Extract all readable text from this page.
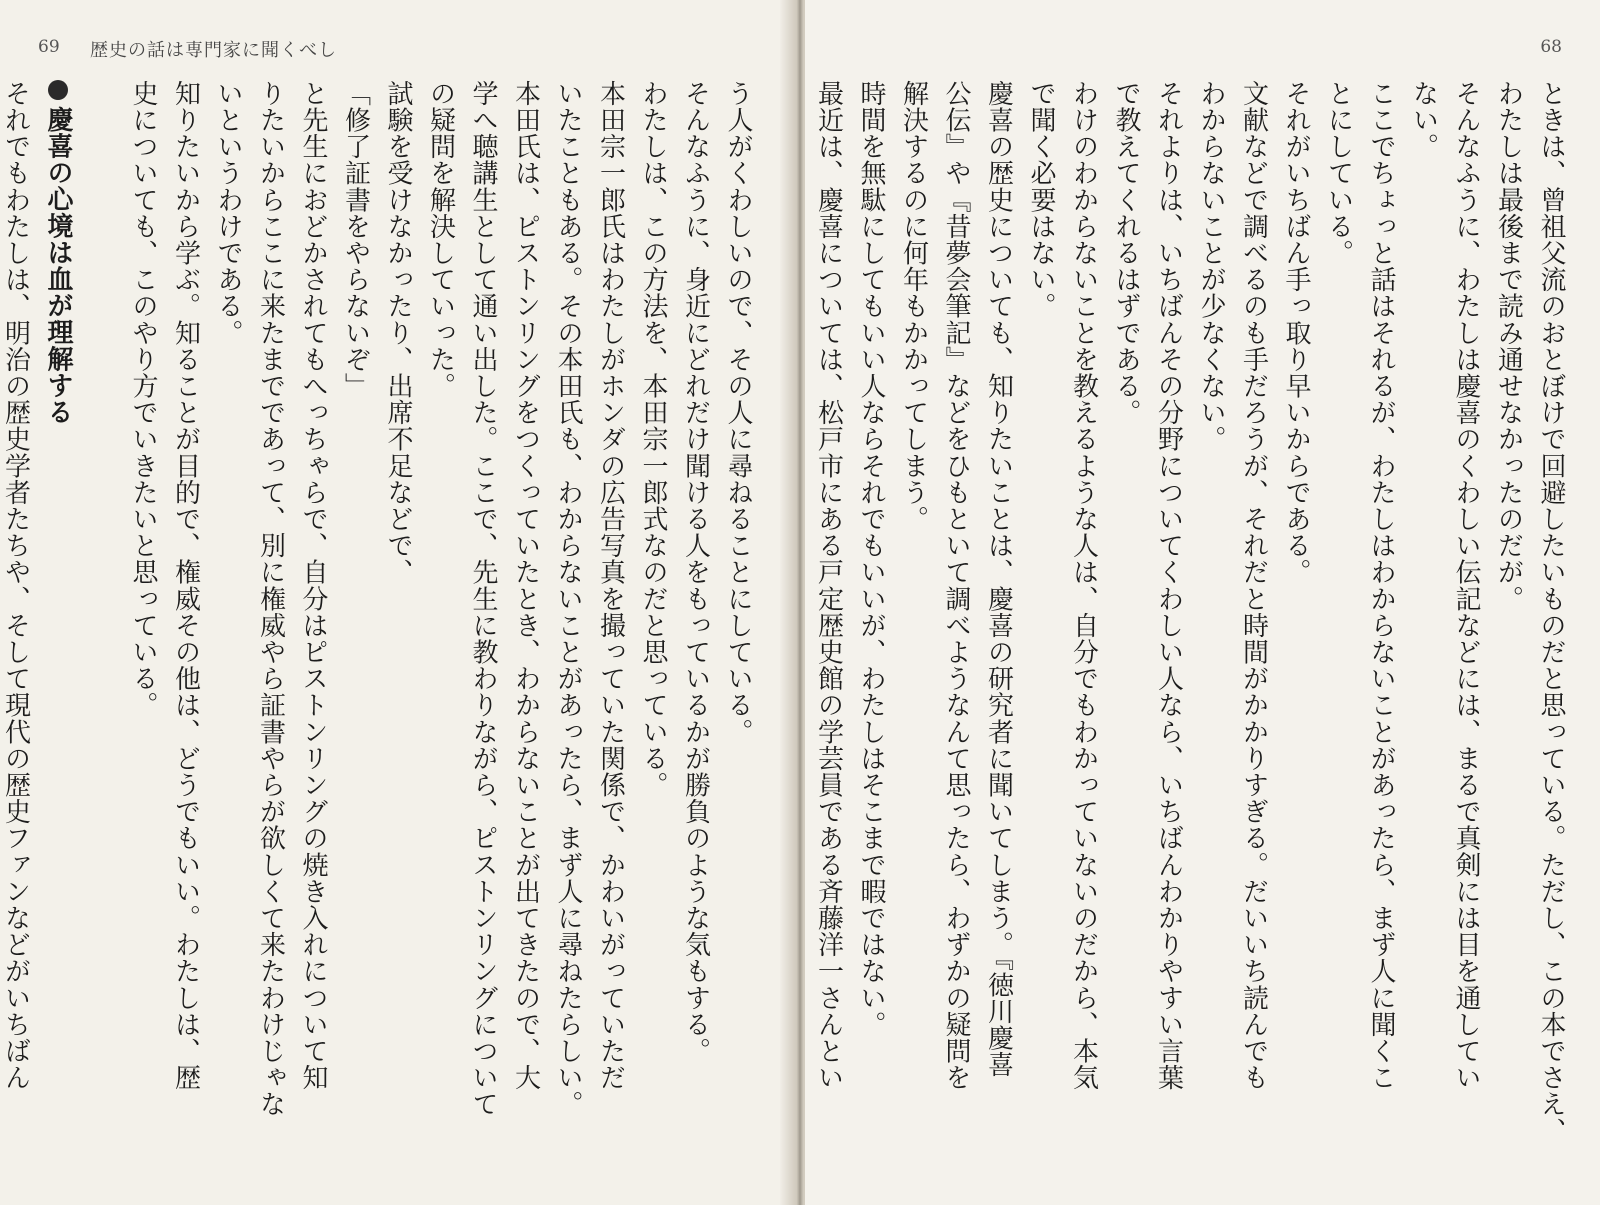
69 歴史の話は専門家に聞くべし
う人がくわしいので、その人に尋ねることにしている。
そんなふうに、身近にどれだけ聞ける人をもっているかが勝負のような気もする。
わたしは、この方法を、本田宗一郎式なのだと思っている。
本田宗一郎氏はわたしがホンダの広告写真を撮っていた関係で、かわいがっていただ
いたこともある。その本田氏も、わからないことがあったら、まず人に尋ねたらしい。
本田氏は、ピストンリングをつくっていたとき、わからないことが出てきたので、大
学へ聴講生として通い出した。ここで、先生に教わりながら、ピストンリングについて
の疑問を解決していった。
試験を受けなかったり、出席不足などで、
「修了証書をやらないぞ」
と先生におどかされてもへっちゃらで、自分はピストンリングの焼き入れについて知
りたいからここに来たまでであって、別に権威やら証書やらが欲しくて来たわけじゃな
いというわけである。
知りたいから学ぶ。知ることが目的で、権威その他は、どうでもいい。わたしは、歴
史についても、このやり方でいきたいと思っている。
慶喜の心境は血が理解する
それでもわたしは、明治の歴史学者たちや、そして現代の歴史ファンなどがいちばん
68
ときは、曾祖父流のおとぼけで回避したいものだと思っている。ただし、この本でさえ、
わたしは最後まで読み通せなかったのだが。
そんなふうに、わたしは慶喜のくわしい伝記などには、まるで真剣には目を通してい
ない。
ここでちょっと話はそれるが、わたしはわからないことがあったら、まず人に聞くこ
とにしている。
それがいちばん手っ取り早いからである。
文献などで調べるのも手だろうが、それだと時間がかかりすぎる。だいいち読んでも
わからないことが少なくない。
それよりは、いちばんその分野についてくわしい人なら、いちばんわかりやすい言葉
で教えてくれるはずである。
わけのわからないことを教えるような人は、自分でもわかっていないのだから、本気
で聞く必要はない。
慶喜の歴史についても、知りたいことは、慶喜の研究者に聞いてしまう。『徳川慶喜
公伝』や『昔夢会筆記』などをひもといて調べようなんて思ったら、わずかの疑問を
解決するのに何年もかかってしまう。
時間を無駄にしてもいい人ならそれでもいいが、わたしはそこまで暇ではない。
最近は、慶喜については、松戸市にある戸定歴史館の学芸員である斉藤洋一さんとい
